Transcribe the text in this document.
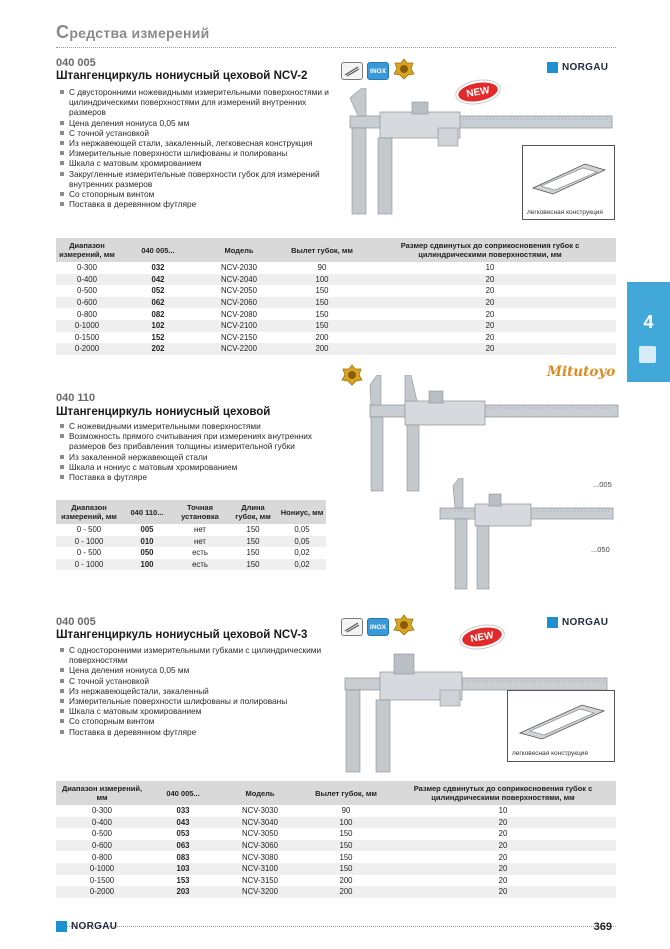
Средства измерений
4
040 005
Штангенциркуль нониусный цеховой NCV-2	INOX	NORGAU
С двусторонними ножевидными измерительными поверхностями и цилиндрическими поверхностями для измерений внутренних размеров
Цена деления нониуса 0,05 мм
С точной установкой
Из нержавеющей стали, закаленный, легковесная конструкция
Измерительные поверхности шлифованы и полированы
Шкала с матовым хромированием
Закругленные измерительные поверхности губок для измерений внутренних размеров
Со стопорным винтом
Поставка в деревянном футляре
NEW
легковесная конструкция
Диапазон измерений, мм	040 005...	Модель	Вылет губок, мм	Размер сдвинутых до соприкосновения губок с цилиндрическими поверхностями, мм
0-300	032	NCV-2030	90	10
0-400	042	NCV-2040	100	20
0-500	052	NCV-2050	150	20
0-600	062	NCV-2060	150	20
0-800	082	NCV-2080	150	20
0-1000	102	NCV-2100	150	20
0-1500	152	NCV-2150	200	20
0-2000	202	NCV-2200	200	20
040 110
Штангенциркуль нониусный цеховой
Mitutoyo
С ножевидными измерительными поверхностями
Возможность прямого считывания при измерениях внутренних размеров без прибавления толщины измерительной губки
Из закаленной нержавеющей стали
Шкала и нониус с матовым хромированием
Поставка в футляре
...005
...050
Диапазон измерений, мм	040 110...	Точная установка	Длина губок, мм	Нониус, мм
0 - 500	005	нет	150	0,05
0 - 1000	010	нет	150	0,05
0 - 500	050	есть	150	0,02
0 - 1000	100	есть	150	0,02
040 005
Штангенциркуль нониусный цеховой NCV-3
INOX	NORGAU
NEW
С односторонними измерительными губками с цилиндрическими поверхностями
Цена деления нониуса 0,05 мм
С точной установкой
Из нержавеющейстали, закаленный
Измерительные поверхности шлифованы и полированы
Шкала с матовым хромированием
Со стопорным винтом
Поставка в деревянном футляре
легковесная конструкция
Диапазон измерений, мм	040 005...	Модель	Вылет губок, мм	Размер сдвинутых до соприкосновения губок с цилиндрическими поверхностями, мм
0-300	033	NCV-3030	90	10
0-400	043	NCV-3040	100	20
0-500	053	NCV-3050	150	20
0-600	063	NCV-3060	150	20
0-800	083	NCV-3080	150	20
0-1000	103	NCV-3100	150	20
0-1500	153	NCV-3150	200	20
0-2000	203	NCV-3200	200	20
NORGAU	369
